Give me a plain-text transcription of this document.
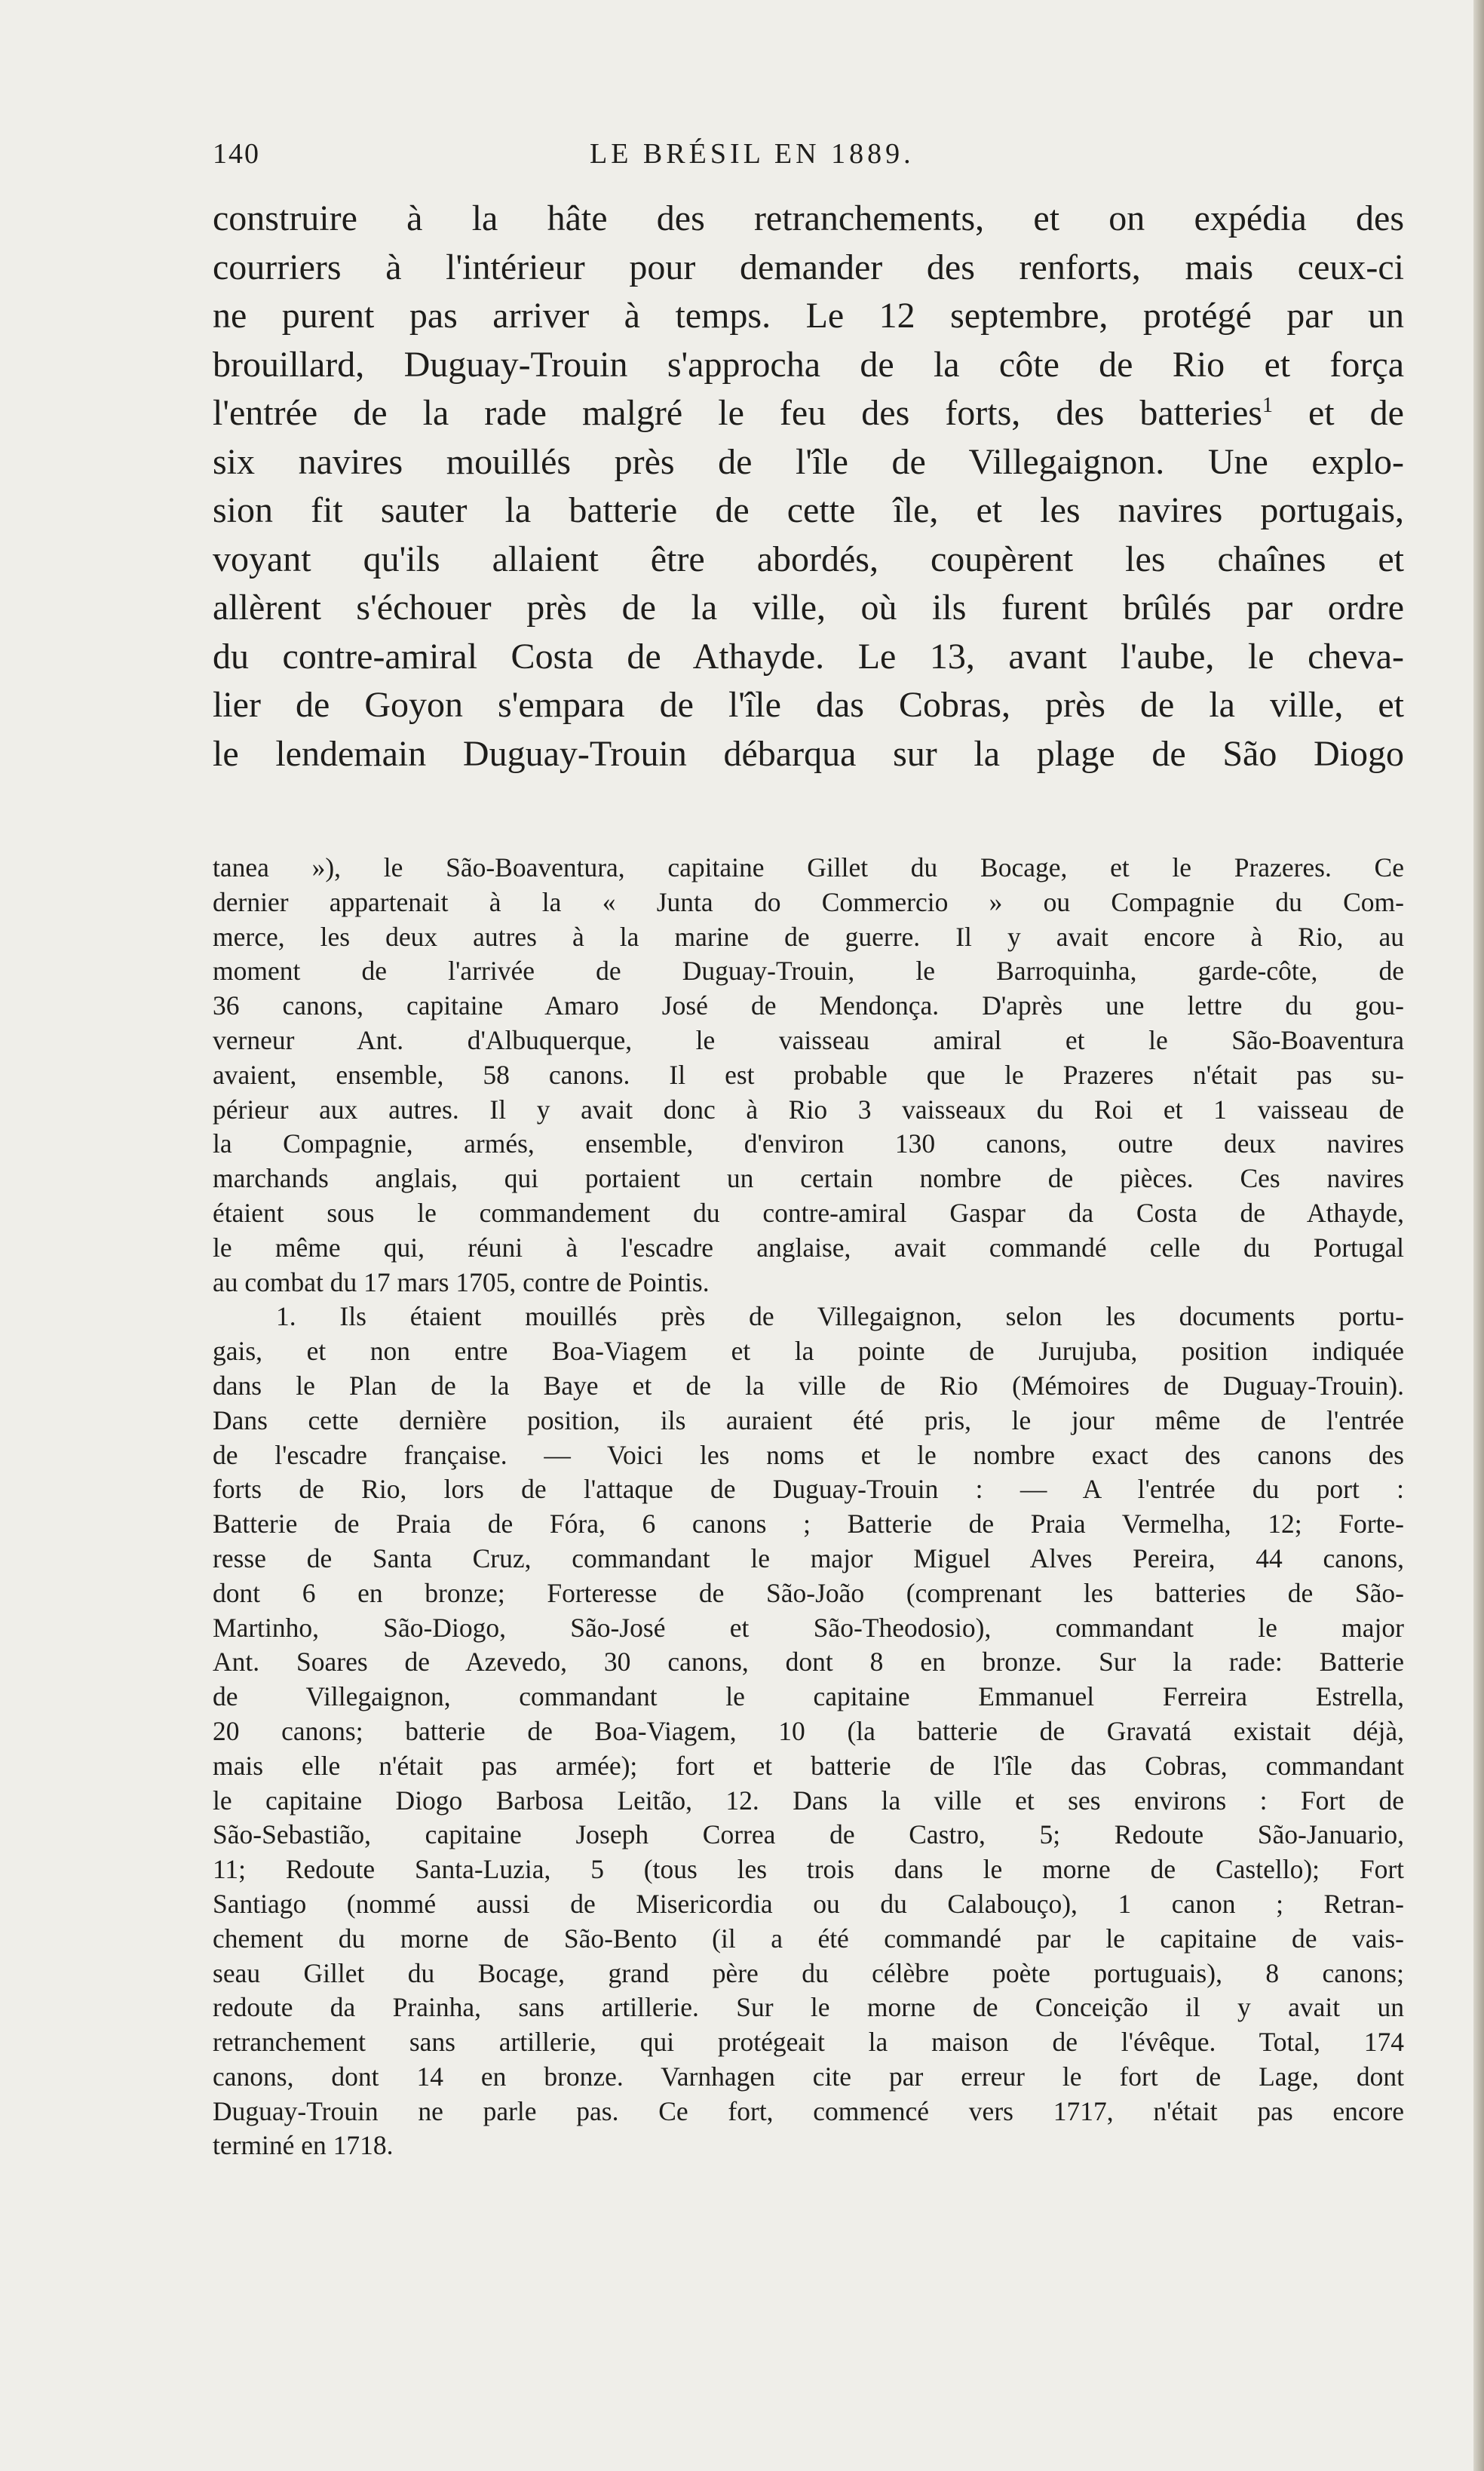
140	LE BRÉSIL EN 1889.
construire à la hâte des retranchements, et on expédia des
courriers à l'intérieur pour demander des renforts, mais ceux-ci
ne purent pas arriver à temps. Le 12 septembre, protégé par un
brouillard, Duguay-Trouin s'approcha de la côte de Rio et força
l'entrée de la rade malgré le feu des forts, des batteries$^1$ et de
six navires mouillés près de l'île de Villegaignon. Une explo-
sion fit sauter la batterie de cette île, et les navires portugais,
voyant qu'ils allaient être abordés, coupèrent les chaînes et
allèrent s'échouer près de la ville, où ils furent brûlés par ordre
du contre-amiral Costa de Athayde. Le 13, avant l'aube, le cheva-
lier de Goyon s'empara de l'île das Cobras, près de la ville, et
le lendemain Duguay-Trouin débarqua sur la plage de São Diogo
tanea »), le São-Boaventura, capitaine Gillet du Bocage, et le Prazeres. Ce
dernier appartenait à la « Junta do Commercio » ou Compagnie du Com-
merce, les deux autres à la marine de guerre. Il y avait encore à Rio, au
moment de l'arrivée de Duguay-Trouin, le Barroquinha, garde-côte, de
36 canons, capitaine Amaro José de Mendonça. D'après une lettre du gou-
verneur Ant. d'Albuquerque, le vaisseau amiral et le São-Boaventura
avaient, ensemble, 58 canons. Il est probable que le Prazeres n'était pas su-
périeur aux autres. Il y avait donc à Rio 3 vaisseaux du Roi et 1 vaisseau de
la Compagnie, armés, ensemble, d'environ 130 canons, outre deux navires
marchands anglais, qui portaient un certain nombre de pièces. Ces navires
étaient sous le commandement du contre-amiral Gaspar da Costa de Athayde,
le même qui, réuni à l'escadre anglaise, avait commandé celle du Portugal
au combat du 17 mars 1705, contre de Pointis.
1. Ils étaient mouillés près de Villegaignon, selon les documents portu-
gais, et non entre Boa-Viagem et la pointe de Jurujuba, position indiquée
dans le Plan de la Baye et de la ville de Rio (Mémoires de Duguay-Trouin).
Dans cette dernière position, ils auraient été pris, le jour même de l'entrée
de l'escadre française. — Voici les noms et le nombre exact des canons des
forts de Rio, lors de l'attaque de Duguay-Trouin : — A l'entrée du port :
Batterie de Praia de Fóra, 6 canons ; Batterie de Praia Vermelha, 12; Forte-
resse de Santa Cruz, commandant le major Miguel Alves Pereira, 44 canons,
dont 6 en bronze; Forteresse de São-João (comprenant les batteries de São-
Martinho, São-Diogo, São-José et São-Theodosio), commandant le major
Ant. Soares de Azevedo, 30 canons, dont 8 en bronze. Sur la rade: Batterie
de Villegaignon, commandant le capitaine Emmanuel Ferreira Estrella,
20 canons; batterie de Boa-Viagem, 10 (la batterie de Gravatá existait déjà,
mais elle n'était pas armée); fort et batterie de l'île das Cobras, commandant
le capitaine Diogo Barbosa Leitão, 12. Dans la ville et ses environs : Fort de
São-Sebastião, capitaine Joseph Correa de Castro, 5; Redoute São-Januario,
11; Redoute Santa-Luzia, 5 (tous les trois dans le morne de Castello); Fort
Santiago (nommé aussi de Misericordia ou du Calabouço), 1 canon ; Retran-
chement du morne de São-Bento (il a été commandé par le capitaine de vais-
seau Gillet du Bocage, grand père du célèbre poète portuguais), 8 canons;
redoute da Prainha, sans artillerie. Sur le morne de Conceição il y avait un
retranchement sans artillerie, qui protégeait la maison de l'évêque. Total, 174
canons, dont 14 en bronze. Varnhagen cite par erreur le fort de Lage, dont
Duguay-Trouin ne parle pas. Ce fort, commencé vers 1717, n'était pas encore
terminé en 1718.
